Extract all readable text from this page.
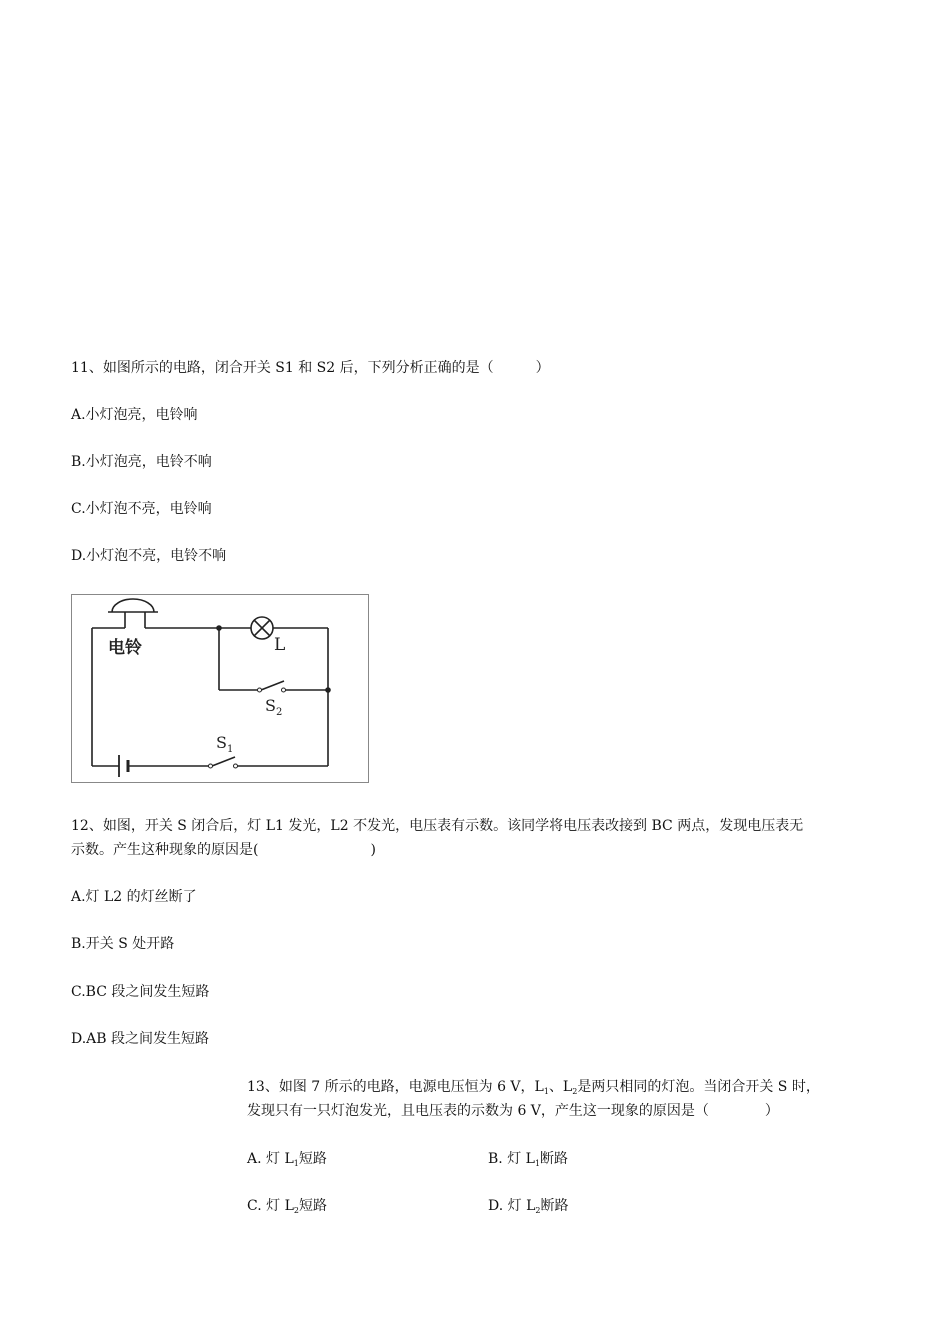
11、如图所示的电路，闭合开关 S1 和 S2 后，下列分析正确的是（　　　）
A.小灯泡亮，电铃响
B.小灯泡亮，电铃不响
C.小灯泡不亮，电铃响
D.小灯泡不亮，电铃不响
电铃	L
S 2
S 1
12、如图，开关 S 闭合后，灯 L1 发光，L2 不发光，电压表有示数。该同学将电压表改接到 BC 两点，发现电压表无
示数。产生这种现象的原因是(　　　　　　　　)
A.灯 L2 的灯丝断了
B.开关 S 处开路
C.BC 段之间发生短路
D.AB 段之间发生短路
13、如图 7 所示的电路，电源电压恒为 6 V，$L_1$、$L_2$是两只相同的灯泡。当闭合开关 S 时，
发现只有一只灯泡发光，且电压表的示数为 6 V，产生这一现象的原因是（　　　　）
A. 灯 $L_1$短路	B. 灯 $L_1$断路
C. 灯 $L_2$短路	D. 灯 $L_2$断路
